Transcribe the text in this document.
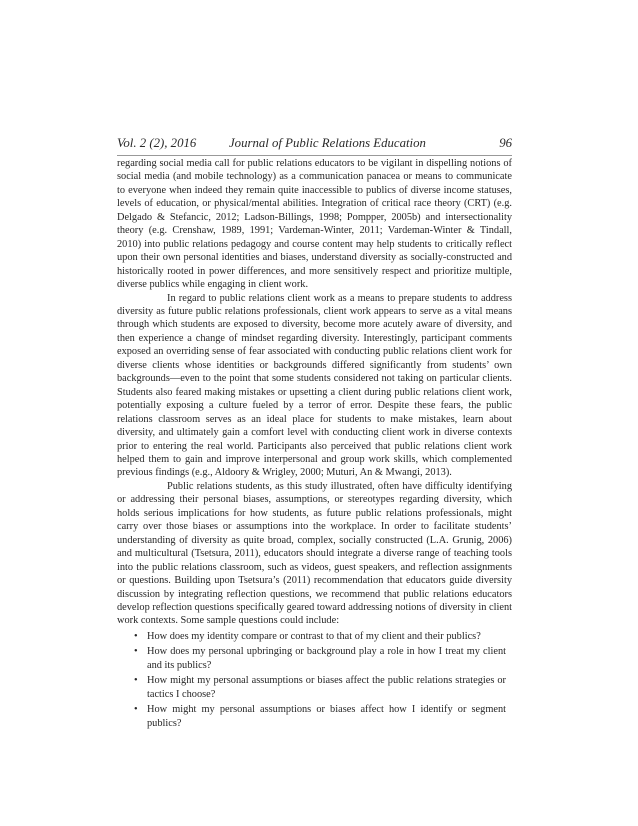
Vol. 2 (2), 2016	Journal of Public Relations Education	96

regarding social media call for public relations educators to be vigilant in dispelling notions of social media (and mobile technology) as a communication panacea or means to communicate to everyone when indeed they remain quite inaccessible to publics of diverse income statuses, levels of education, or physical/mental abilities. Integration of critical race theory (CRT) (e.g. Delgado & Stefancic, 2012; Ladson-Billings, 1998; Pompper, 2005b) and intersectionality theory (e.g. Crenshaw, 1989, 1991; Vardeman-Winter, 2011; Vardeman-Winter & Tindall, 2010) into public relations pedagogy and course content may help students to critically reflect upon their own personal identities and biases, understand diversity as socially-constructed and historically rooted in power differences, and more sensitively respect and prioritize multiple, diverse publics while engaging in client work.

In regard to public relations client work as a means to prepare students to address diversity as future public relations professionals, client work appears to serve as a vital means through which students are exposed to diversity, become more acutely aware of diversity, and then experience a change of mindset regarding diversity. Interestingly, participant comments exposed an overriding sense of fear associated with conducting public relations client work for diverse clients whose identities or backgrounds differed significantly from students’ own backgrounds—even to the point that some students considered not taking on particular clients. Students also feared making mistakes or upsetting a client during public relations client work, potentially exposing a culture fueled by a terror of error. Despite these fears, the public relations classroom serves as an ideal place for students to make mistakes, learn about diversity, and ultimately gain a comfort level with conducting client work in diverse contexts prior to entering the real world. Participants also perceived that public relations client work helped them to gain and improve interpersonal and group work skills, which complemented previous findings (e.g., Aldoory & Wrigley, 2000; Muturi, An & Mwangi, 2013).

Public relations students, as this study illustrated, often have difficulty identifying or addressing their personal biases, assumptions, or stereotypes regarding diversity, which holds serious implications for how students, as future public relations professionals, might carry over those biases or assumptions into the workplace. In order to facilitate students’ understanding of diversity as quite broad, complex, socially constructed (L.A. Grunig, 2006) and multicultural (Tsetsura, 2011), educators should integrate a diverse range of teaching tools into the public relations classroom, such as videos, guest speakers, and reflection assignments or questions. Building upon Tsetsura’s (2011) recommendation that educators guide diversity discussion by integrating reflection questions, we recommend that public relations educators develop reflection questions specifically geared toward addressing notions of diversity in client work contexts. Some sample questions could include:

• How does my identity compare or contrast to that of my client and their publics?
• How does my personal upbringing or background play a role in how I treat my client and its publics?
• How might my personal assumptions or biases affect the public relations strategies or tactics I choose?
• How might my personal assumptions or biases affect how I identify or segment publics?
